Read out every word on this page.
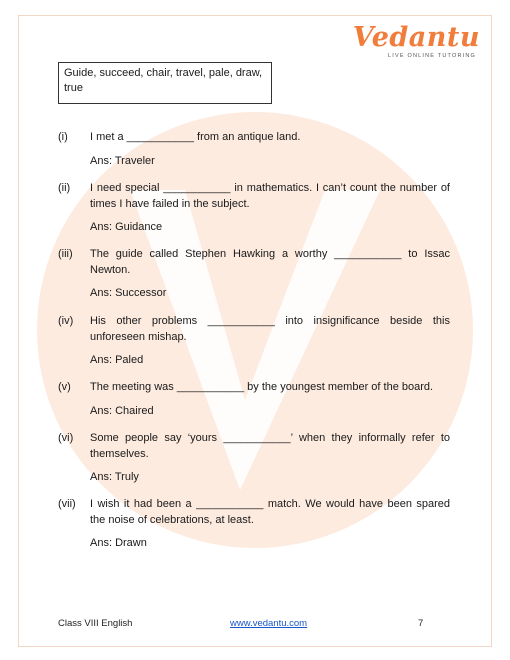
Vedantu
LIVE ONLINE TUTORING
Guide, succeed, chair, travel, pale, draw, true
(i)	I met a ___________ from an antique land.
Ans: Traveler
(ii)	I need special ___________ in mathematics. I can’t count the number of times I have failed in the subject.
Ans: Guidance
(iii)	The guide called Stephen Hawking a worthy ___________ to Issac Newton.
Ans: Successor
(iv)	His other problems ___________ into insignificance beside this unforeseen mishap.
Ans: Paled
(v)	The meeting was ___________ by the youngest member of the board.
Ans: Chaired
(vi)	Some people say ‘yours ___________’ when they informally refer to themselves.
Ans: Truly
(vii)	I wish it had been a ___________ match. We would have been spared the noise of celebrations, at least.
Ans: Drawn
Class VIII English	www.vedantu.com	7
